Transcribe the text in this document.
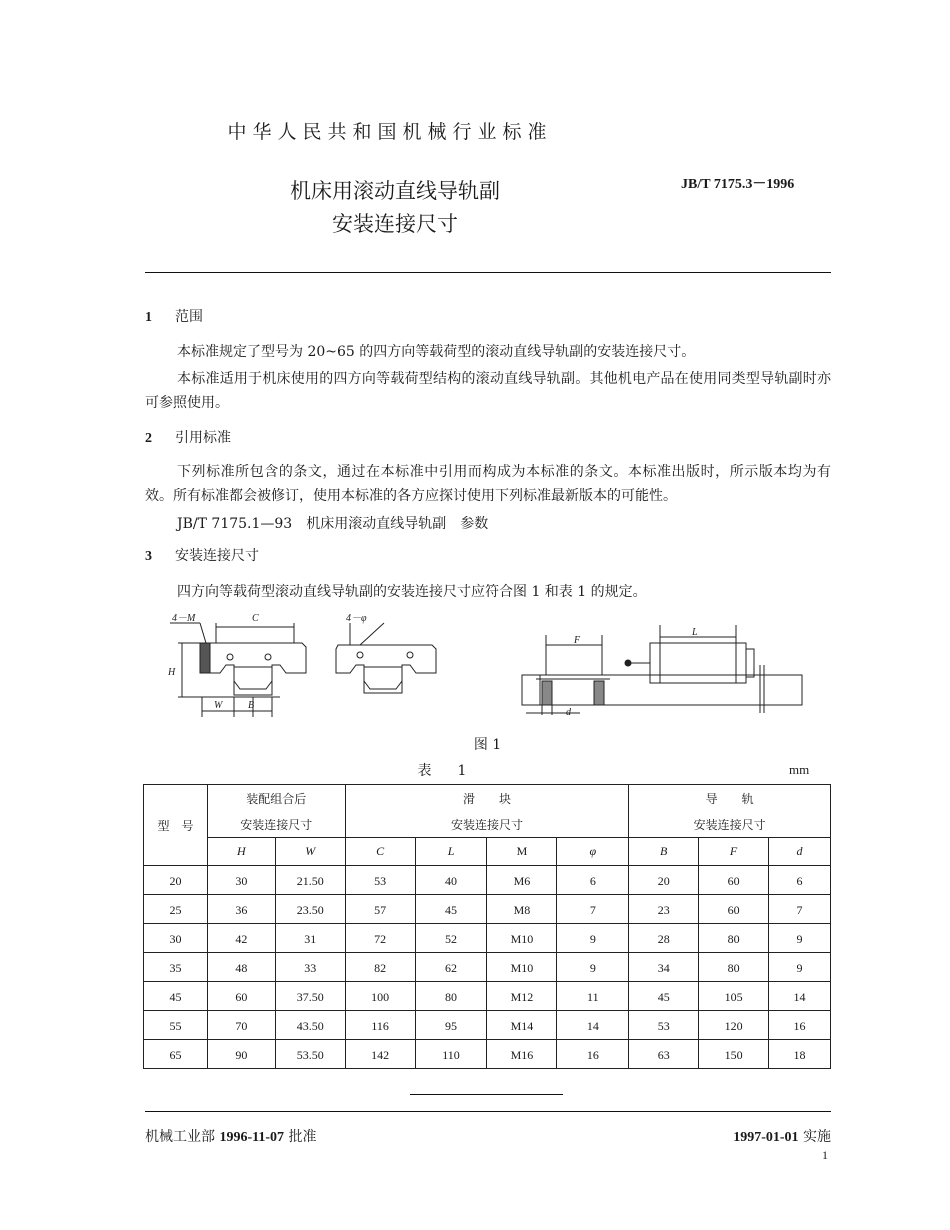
中华人民共和国机械行业标准
JB/T 7175.3－1996
机床用滚动直线导轨副
安装连接尺寸
1 范围
本标准规定了型号为 20~65 的四方向等载荷型的滚动直线导轨副的安装连接尺寸。
本标准适用于机床使用的四方向等载荷型结构的滚动直线导轨副。其他机电产品在使用同类型导轨副时亦可参照使用。
2 引用标准
下列标准所包含的条文，通过在本标准中引用而构成为本标准的条文。本标准出版时，所示版本均为有效。所有标准都会被修订，使用本标准的各方应探讨使用下列标准最新版本的可能性。
JB/T 7175.1—93　机床用滚动直线导轨副　参数
3 安装连接尺寸
四方向等载荷型滚动直线导轨副的安装连接尺寸应符合图 1 和表 1 的规定。
4－M	C
H
W	B
4－φ
F
L
d
图 1
表　1	mm
型　号	装配组合后		滑　　块				导　　轨		
	安装连接尺寸		安装连接尺寸				安装连接尺寸		
	H	W	C	L	M	φ	B	F	d
20	30	21.50	53	40	M6	6	20	60	6
25	36	23.50	57	45	M8	7	23	60	7
30	42	31	72	52	M10	9	28	80	9
35	48	33	82	62	M10	9	34	80	9
45	60	37.50	100	80	M12	11	45	105	14
55	70	43.50	116	95	M14	14	53	120	16
65	90	53.50	142	110	M16	16	63	150	18
机械工业部 1996-11-07 批准	1997-01-01 实施
1
